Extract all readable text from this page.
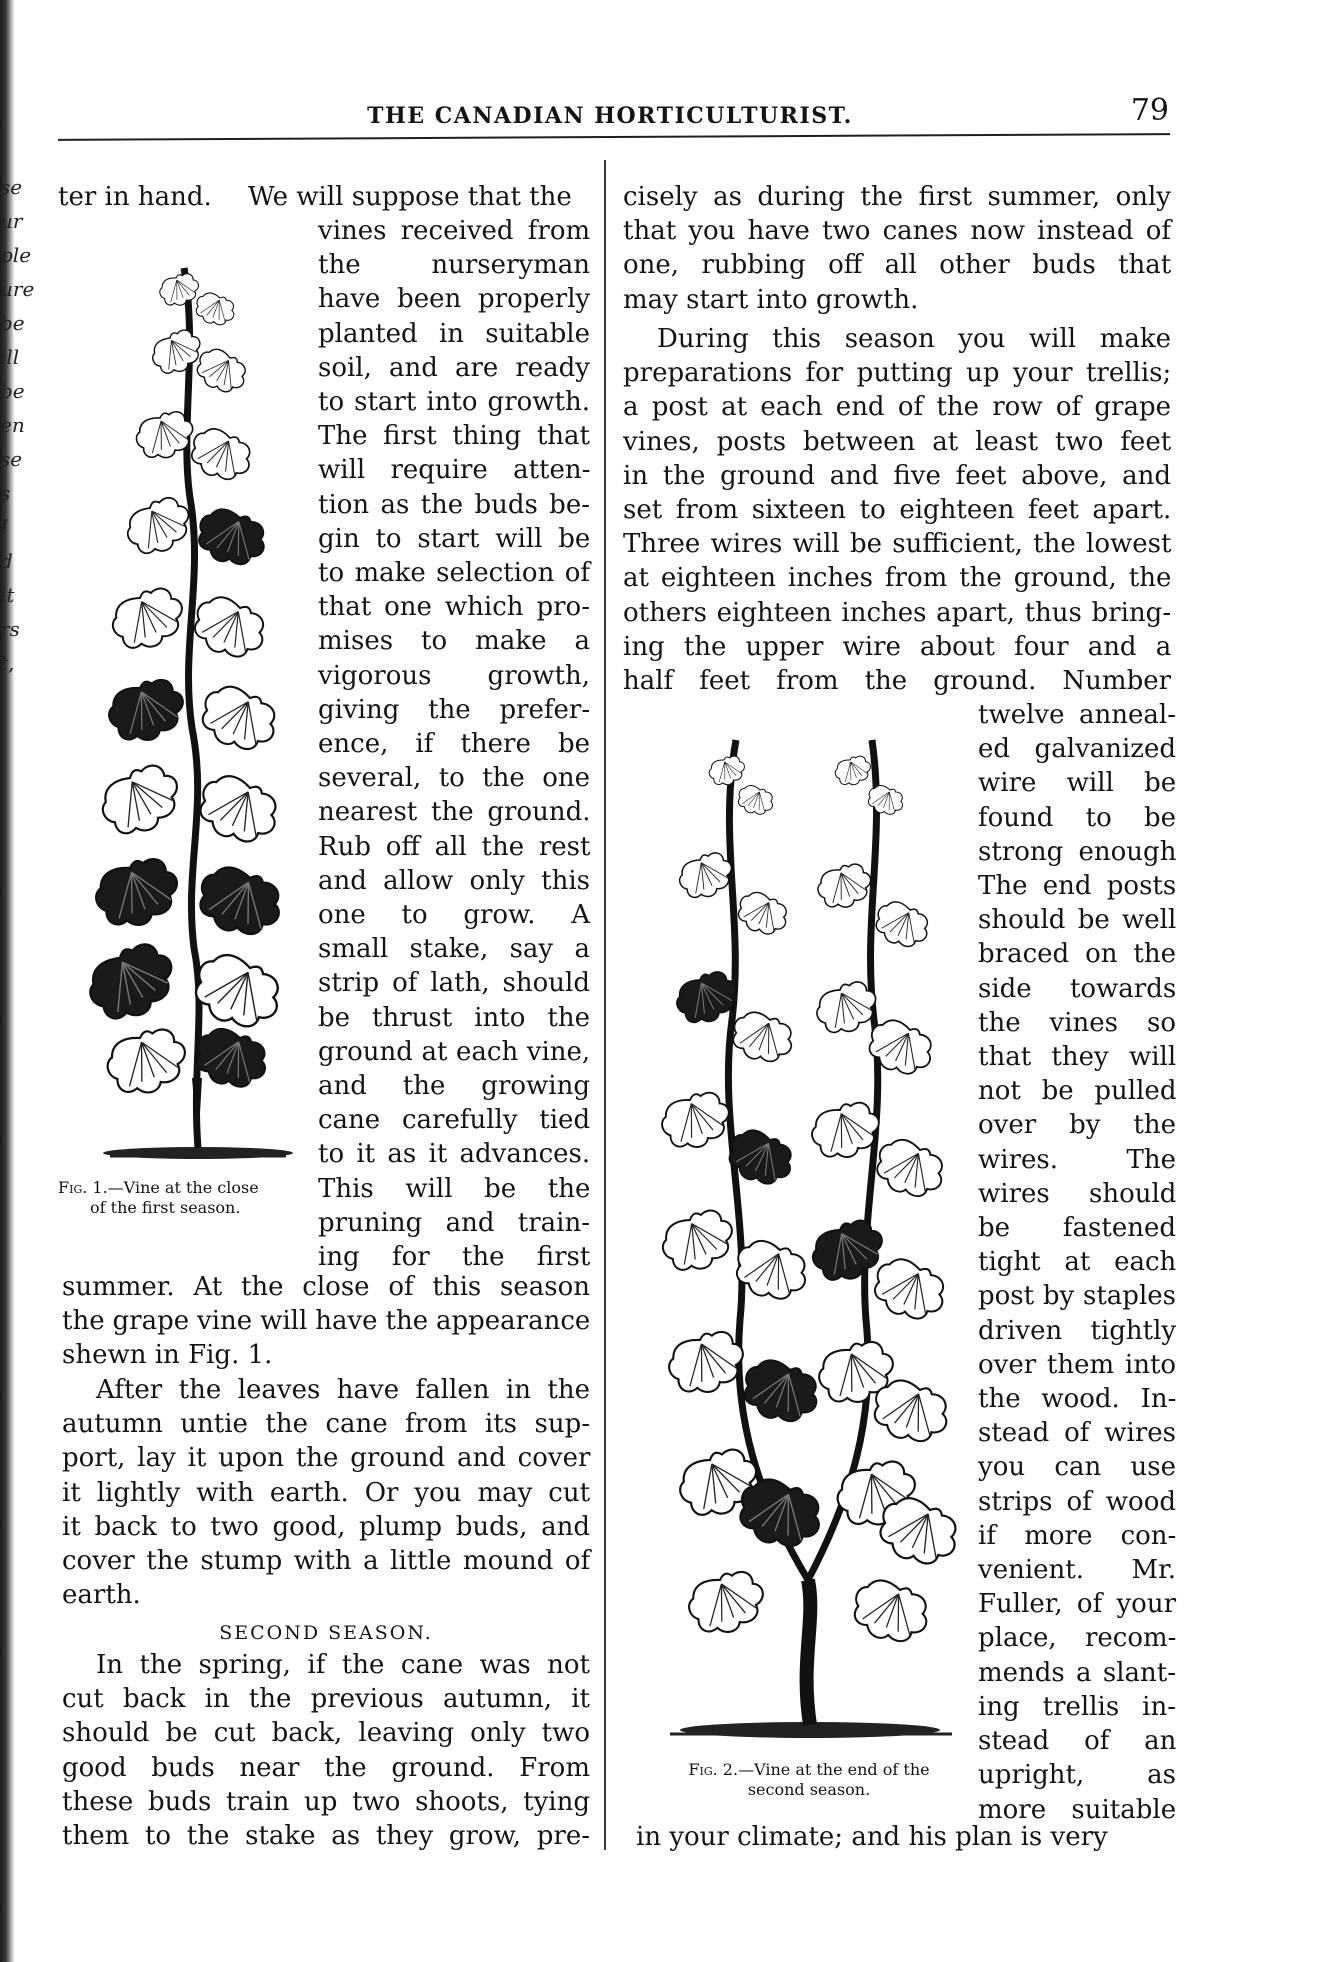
se
ur
ple
ure
be
ill
be
en
se
s
I
d
it
rs
t,
THE CANADIAN HORTICULTURIST.	79
ter in hand. We will suppose that the

vines received from

the nurseryman

have been properly

planted in suitable

soil, and are ready

to start into growth.

The first thing that

will require atten-

tion as the buds be-

gin to start will be

to make selection of

that one which pro-

mises to make a

vigorous growth,

giving the prefer-

ence, if there be

several, to the one

nearest the ground.

Rub off all the rest

and allow only this

one to grow. A

small stake, say a

strip of lath, should

be thrust into the

ground at each vine,

and the growing

cane carefully tied

to it as it advances.

This will be the

pruning and train-

ing for the first

Fig. 1.—Vine at the close
of the first season.

summer. At the close of this season

the grape vine will have the appearance

shewn in Fig. 1.

After the leaves have fallen in the

autumn untie the cane from its sup-

port, lay it upon the ground and cover

it lightly with earth. Or you may cut

it back to two good, plump buds, and

cover the stump with a little mound of

earth.

SECOND SEASON.

In the spring, if the cane was not

cut back in the previous autumn, it

should be cut back, leaving only two

good buds near the ground. From

these buds train up two shoots, tying

them to the stake as they grow, pre-

cisely as during the first summer, only

that you have two canes now instead of

one, rubbing off all other buds that

may start into growth.

During this season you will make

preparations for putting up your trellis;

a post at each end of the row of grape

vines, posts between at least two feet

in the ground and five feet above, and

set from sixteen to eighteen feet apart.

Three wires will be sufficient, the lowest

at eighteen inches from the ground, the

others eighteen inches apart, thus bring-

ing the upper wire about four and a

half feet from the ground. Number

twelve anneal-

ed galvanized

wire will be

found to be

strong enough

The end posts

should be well

braced on the

side towards

the vines so

that they will

not be pulled

over by the

wires. The

wires should

be fastened

tight at each

post by staples

driven tightly

over them into

the wood. In-

stead of wires

you can use

strips of wood

if more con-

venient. Mr.

Fuller, of your

place, recom-

mends a slant-

ing trellis in-

stead of an

upright, as

more suitable

Fig. 2.—Vine at the end of the
second season.
in your climate; and his plan is very
